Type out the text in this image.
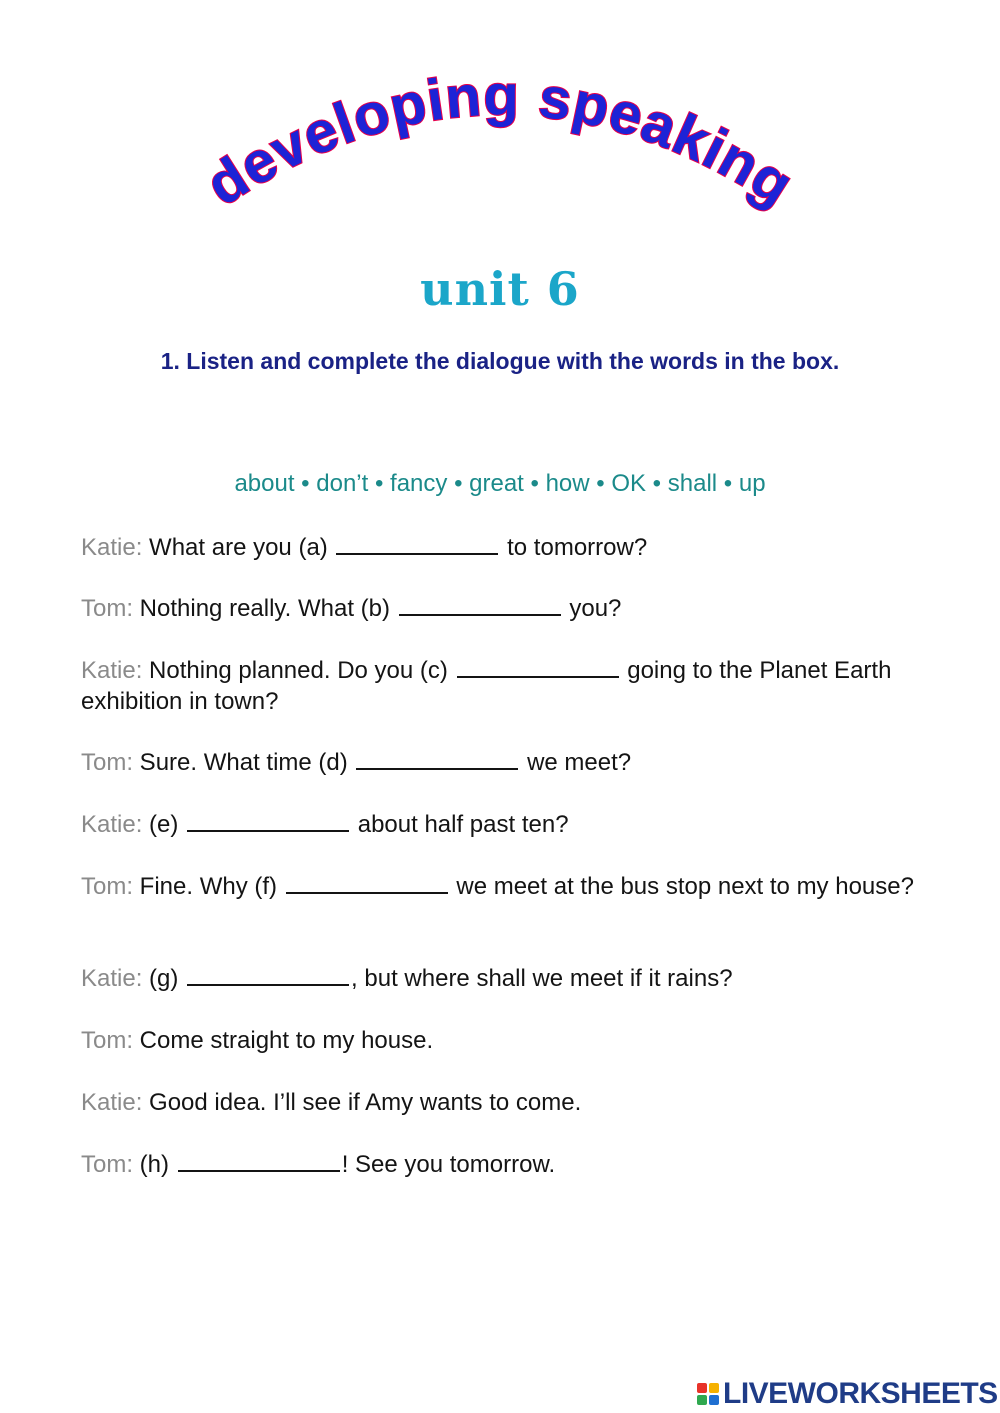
developing speaking
unit 6
1. Listen and complete the dialogue with the words in the box.
about • don’t • fancy • great • how • OK • shall • up
Katie: What are you (a)	to tomorrow?
Tom: Nothing really. What (b)	you?
Katie: Nothing planned. Do you (c)	going to the Planet Earth exhibition in town?
Tom: Sure. What time (d)	we meet?
Katie: (e)	about half past ten?
Tom: Fine. Why (f)	we meet at the bus stop next to my house?
Katie: (g)	, but where shall we meet if it rains?
Tom: Come straight to my house.
Katie: Good idea. I’ll see if Amy wants to come.
Tom: (h)	! See you tomorrow.
LIVEWORKSHEETS
